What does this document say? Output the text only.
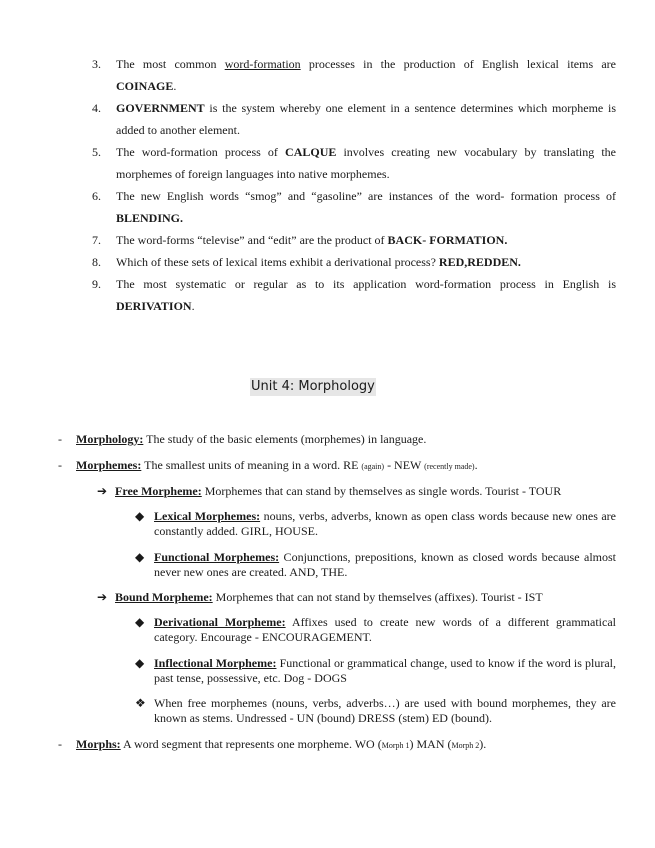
3.	The most common word-formation processes in the production of English lexical items are COINAGE.
4.	GOVERNMENT is the system whereby one element in a sentence determines which morpheme is added to another element.
5.	The word-formation process of CALQUE involves creating new vocabulary by translating the morphemes of foreign languages into native morphemes.
6.	The new English words “smog” and “gasoline” are instances of the word- formation process of BLENDING.
7.	The word-forms “televise” and “edit” are the product of BACK- FORMATION.
8.	Which of these sets of lexical items exhibit a derivational process? RED,REDDEN.
9.	The most systematic or regular as to its application word-formation process in English is DERIVATION.
Unit 4: Morphology
- Morphology: The study of the basic elements (morphemes) in language.
- Morphemes: The smallest units of meaning in a word. RE (again) - NEW (recently made).
➔ Free Morpheme: Morphemes that can stand by themselves as single words. Tourist - TOUR
◆ Lexical Morphemes: nouns, verbs, adverbs, known as open class words because new ones are constantly added. GIRL, HOUSE.
◆ Functional Morphemes: Conjunctions, prepositions, known as closed words because almost never new ones are created. AND, THE.
➔ Bound Morpheme: Morphemes that can not stand by themselves (affixes). Tourist - IST
◆ Derivational Morpheme: Affixes used to create new words of a different grammatical category. Encourage - ENCOURAGEMENT.
◆ Inflectional Morpheme: Functional or grammatical change, used to know if the word is plural, past tense, possessive, etc. Dog - DOGS
❖ When free morphemes (nouns, verbs, adverbs…) are used with bound morphemes, they are known as stems. Undressed - UN (bound) DRESS (stem) ED (bound).
- Morphs: A word segment that represents one morpheme. WO (Morph 1) MAN (Morph 2).
